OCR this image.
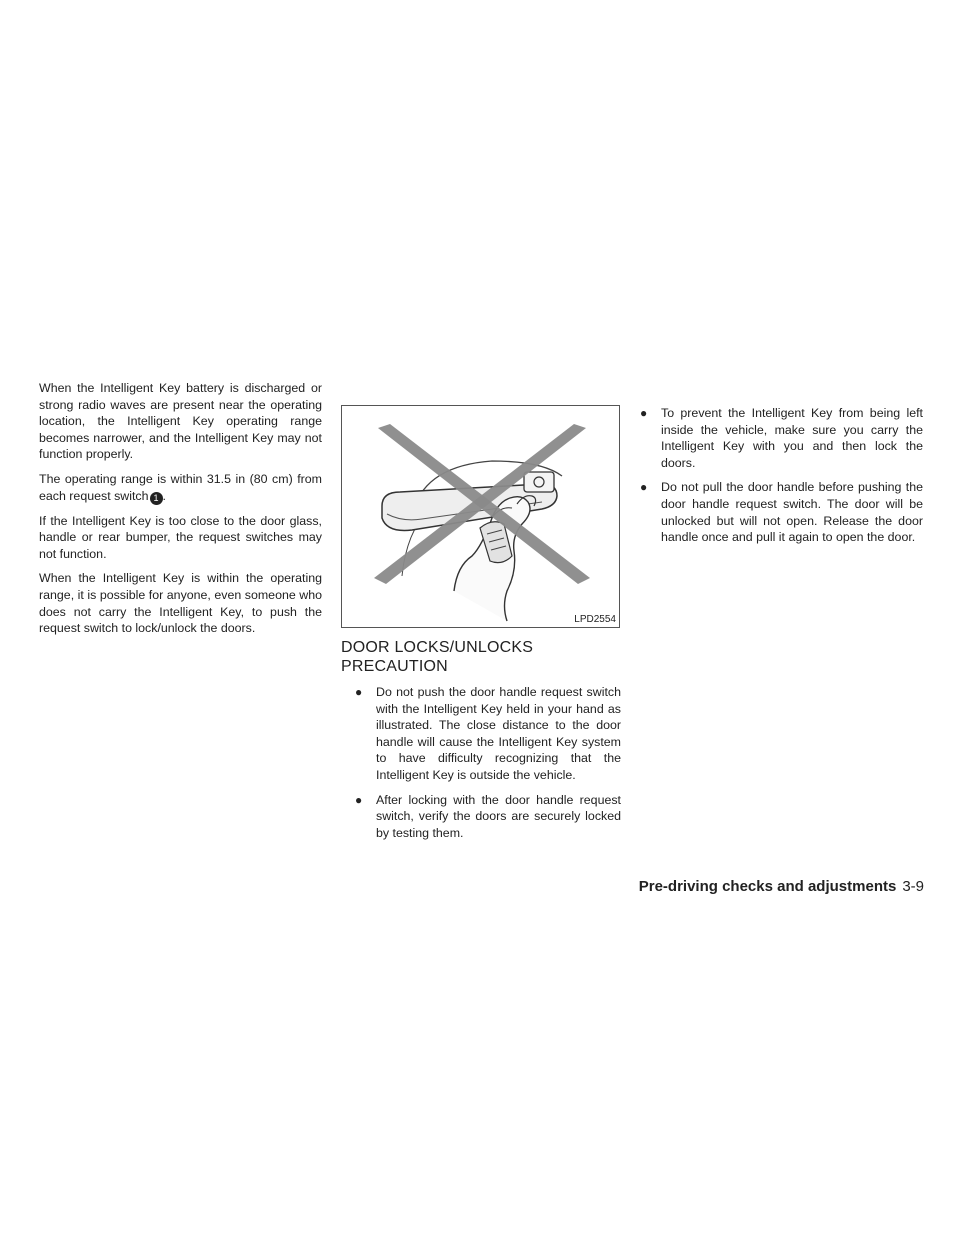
When the Intelligent Key battery is discharged or strong radio waves are present near the operating location, the Intelligent Key operating range becomes narrower, and the Intelligent Key may not function properly.

The operating range is within 31.5 in (80 cm) from each request switch 1 .

If the Intelligent Key is too close to the door glass, handle or rear bumper, the request switches may not function.

When the Intelligent Key is within the operating range, it is possible for anyone, even someone who does not carry the Intelligent Key, to push the request switch to lock/unlock the doors.

LPD2554
DOOR LOCKS/UNLOCKS
PRECAUTION
● Do not push the door handle request switch with the Intelligent Key held in your hand as illustrated. The close distance to the door handle will cause the Intelligent Key system to have difficulty recognizing that the Intelligent Key is outside the vehicle.
● After locking with the door handle request switch, verify the doors are securely locked by testing them.
● To prevent the Intelligent Key from being left inside the vehicle, make sure you carry the Intelligent Key with you and then lock the doors.
● Do not pull the door handle before pushing the door handle request switch. The door will be unlocked but will not open. Release the door handle once and pull it again to open the door.
Pre-driving checks and adjustments 3-9
